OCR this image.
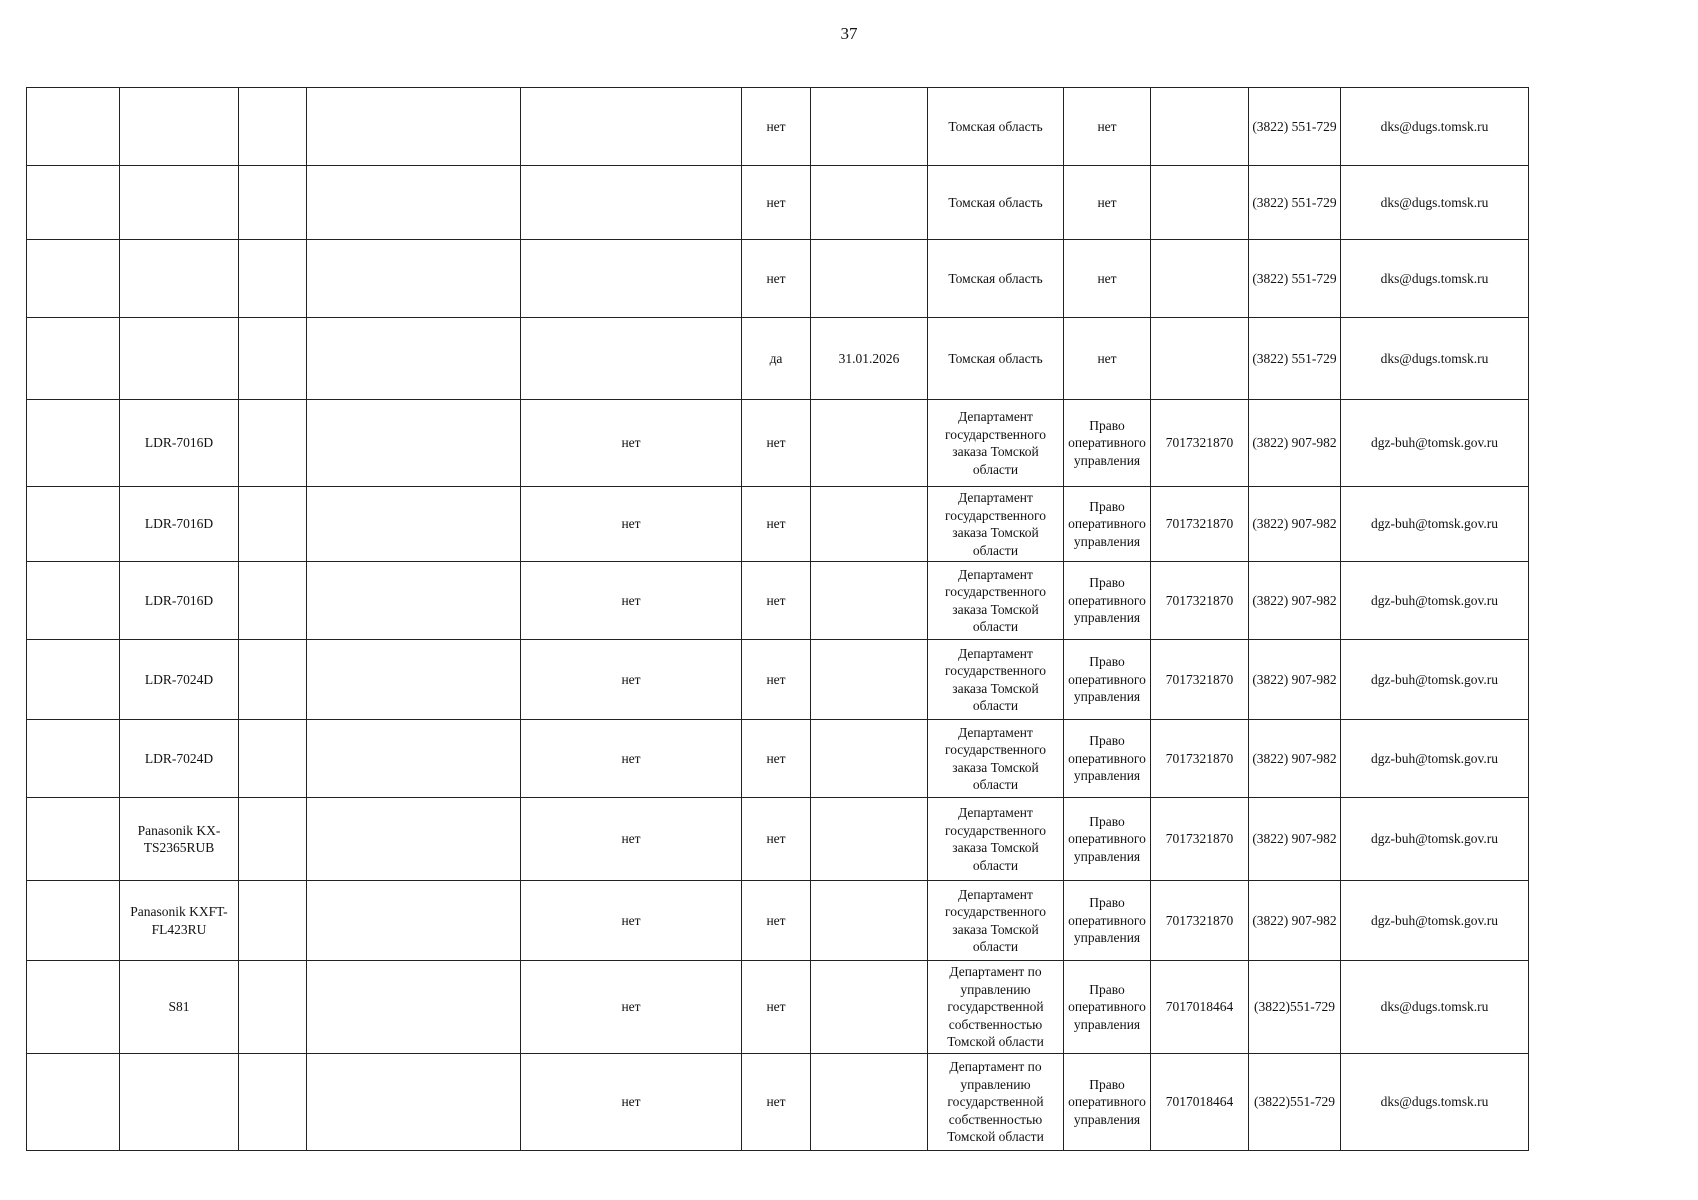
37
					нет		Томская область	нет		(3822) 551-729	dks@dugs.tomsk.ru
					нет		Томская область	нет		(3822) 551-729	dks@dugs.tomsk.ru
					нет		Томская область	нет		(3822) 551-729	dks@dugs.tomsk.ru
					да	31.01.2026	Томская область	нет		(3822) 551-729	dks@dugs.tomsk.ru
	LDR-7016D			нет	нет		Департамент государственного заказа Томской области	Право оперативного управления	7017321870	(3822) 907-982	dgz-buh@tomsk.gov.ru
	LDR-7016D			нет	нет		Департамент государственного заказа Томской области	Право оперативного управления	7017321870	(3822) 907-982	dgz-buh@tomsk.gov.ru
	LDR-7016D			нет	нет		Департамент государственного заказа Томской области	Право оперативного управления	7017321870	(3822) 907-982	dgz-buh@tomsk.gov.ru
	LDR-7024D			нет	нет		Департамент государственного заказа Томской области	Право оперативного управления	7017321870	(3822) 907-982	dgz-buh@tomsk.gov.ru
	LDR-7024D			нет	нет		Департамент государственного заказа Томской области	Право оперативного управления	7017321870	(3822) 907-982	dgz-buh@tomsk.gov.ru
	Panasonik KX-TS2365RUB			нет	нет		Департамент государственного заказа Томской области	Право оперативного управления	7017321870	(3822) 907-982	dgz-buh@tomsk.gov.ru
	Panasonik KXFT-FL423RU			нет	нет		Департамент государственного заказа Томской области	Право оперативного управления	7017321870	(3822) 907-982	dgz-buh@tomsk.gov.ru
	S81			нет	нет		Департамент по управлению государственной собственностью Томской области	Право оперативного управления	7017018464	(3822)551-729	dks@dugs.tomsk.ru
				нет	нет		Департамент по управлению государственной собственностью Томской области	Право оперативного управления	7017018464	(3822)551-729	dks@dugs.tomsk.ru
